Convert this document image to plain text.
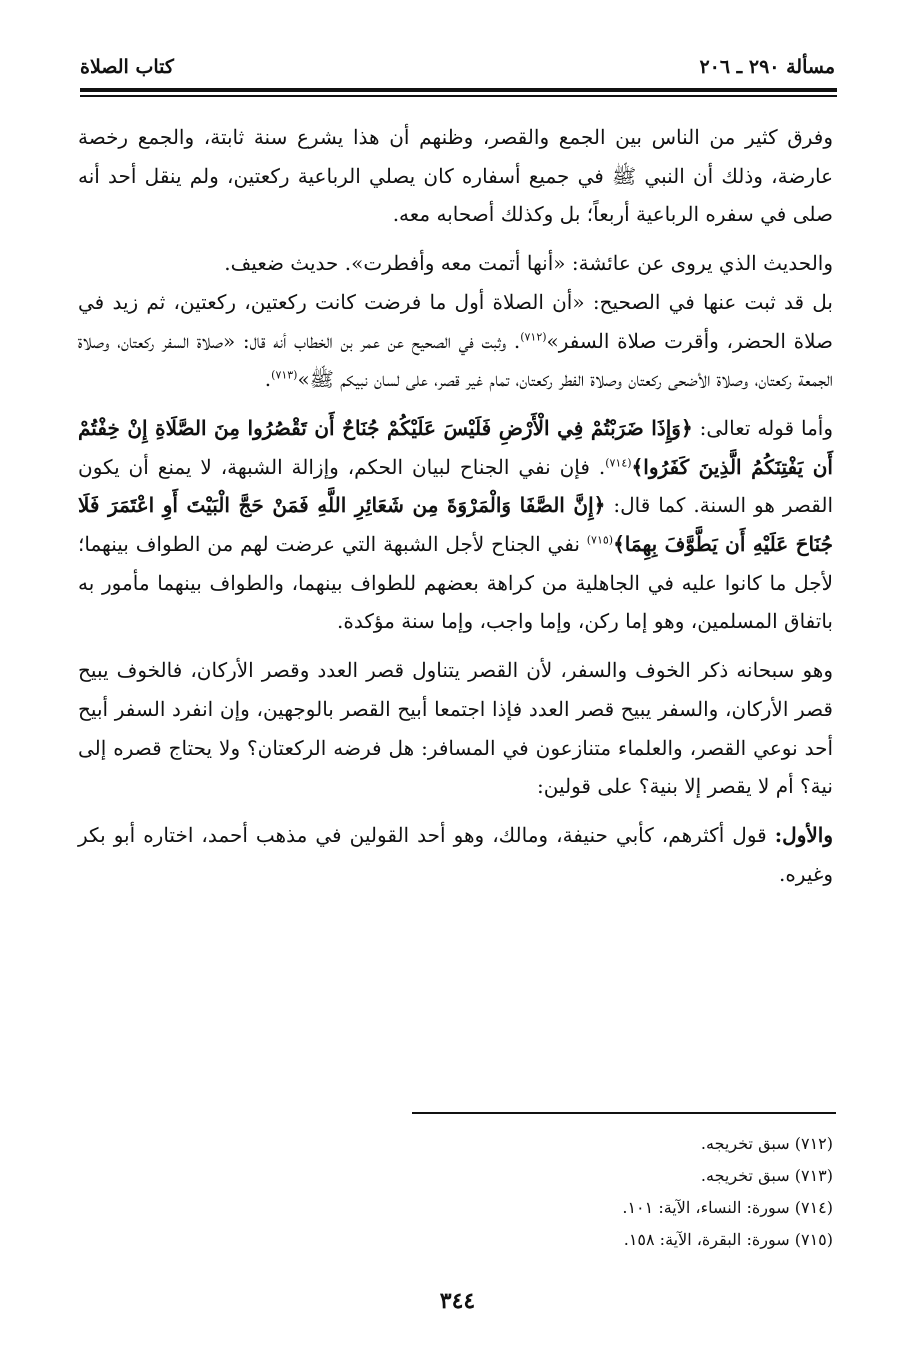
مسألة ٢٩٠ ـ ٢٠٦
كتاب الصلاة

وفرق كثير من الناس بين الجمع والقصر، وظنهم أن هذا يشرع سنة ثابتة، والجمع رخصة عارضة، وذلك أن النبي ﷺ في جميع أسفاره كان يصلي الرباعية ركعتين، ولم ينقل أحد أنه صلى في سفره الرباعية أربعاً؛ بل وكذلك أصحابه معه.

والحديث الذي يروى عن عائشة: «أنها أتمت معه وأفطرت». حديث ضعيف.

بل قد ثبت عنها في الصحيح: «أن الصلاة أول ما فرضت كانت ركعتين، ركعتين، ثم زيد في صلاة الحضر، وأقرت صلاة السفر»$^{(٧١٢)}$. وثبت في الصحيح عن عمر بن الخطاب أنه قال: «صلاة السفر ركعتان، وصلاة الجمعة ركعتان، وصلاة الأضحى ركعتان وصلاة الفطر ركعتان، تمام غير قصر، على لسان نبيكم ﷺ»$^{(٧١٣)}$.

وأما قوله تعالى: ﴿وَإِذَا ضَرَبْتُمْ فِي الْأَرْضِ فَلَيْسَ عَلَيْكُمْ جُنَاحٌ أَن تَقْصُرُوا مِنَ الصَّلَاةِ إِنْ خِفْتُمْ أَن يَفْتِنَكُمُ الَّذِينَ كَفَرُوا﴾$^{(٧١٤)}$. فإن نفي الجناح لبيان الحكم، وإزالة الشبهة، لا يمنع أن يكون القصر هو السنة. كما قال: ﴿إِنَّ الصَّفَا وَالْمَرْوَةَ مِن شَعَائِرِ اللَّهِ فَمَنْ حَجَّ الْبَيْتَ أَوِ اعْتَمَرَ فَلَا جُنَاحَ عَلَيْهِ أَن يَطَّوَّفَ بِهِمَا﴾$^{(٧١٥)}$ نفي الجناح لأجل الشبهة التي عرضت لهم من الطواف بينهما؛ لأجل ما كانوا عليه في الجاهلية من كراهة بعضهم للطواف بينهما، والطواف بينهما مأمور به باتفاق المسلمين، وهو إما ركن، وإما واجب، وإما سنة مؤكدة.

وهو سبحانه ذكر الخوف والسفر، لأن القصر يتناول قصر العدد وقصر الأركان، فالخوف يبيح قصر الأركان، والسفر يبيح قصر العدد فإذا اجتمعا أبيح القصر بالوجهين، وإن انفرد السفر أبيح أحد نوعي القصر، والعلماء متنازعون في المسافر: هل فرضه الركعتان؟ ولا يحتاج قصره إلى نية؟ أم لا يقصر إلا بنية؟ على قولين:

والأول: قول أكثرهم، كأبي حنيفة، ومالك، وهو أحد القولين في مذهب أحمد، اختاره أبو بكر وغيره.

(٧١٢) سبق تخريجه.
(٧١٣) سبق تخريجه.
(٧١٤) سورة: النساء، الآية: ١٠١.
(٧١٥) سورة: البقرة، الآية: ١٥٨.
٣٤٤
